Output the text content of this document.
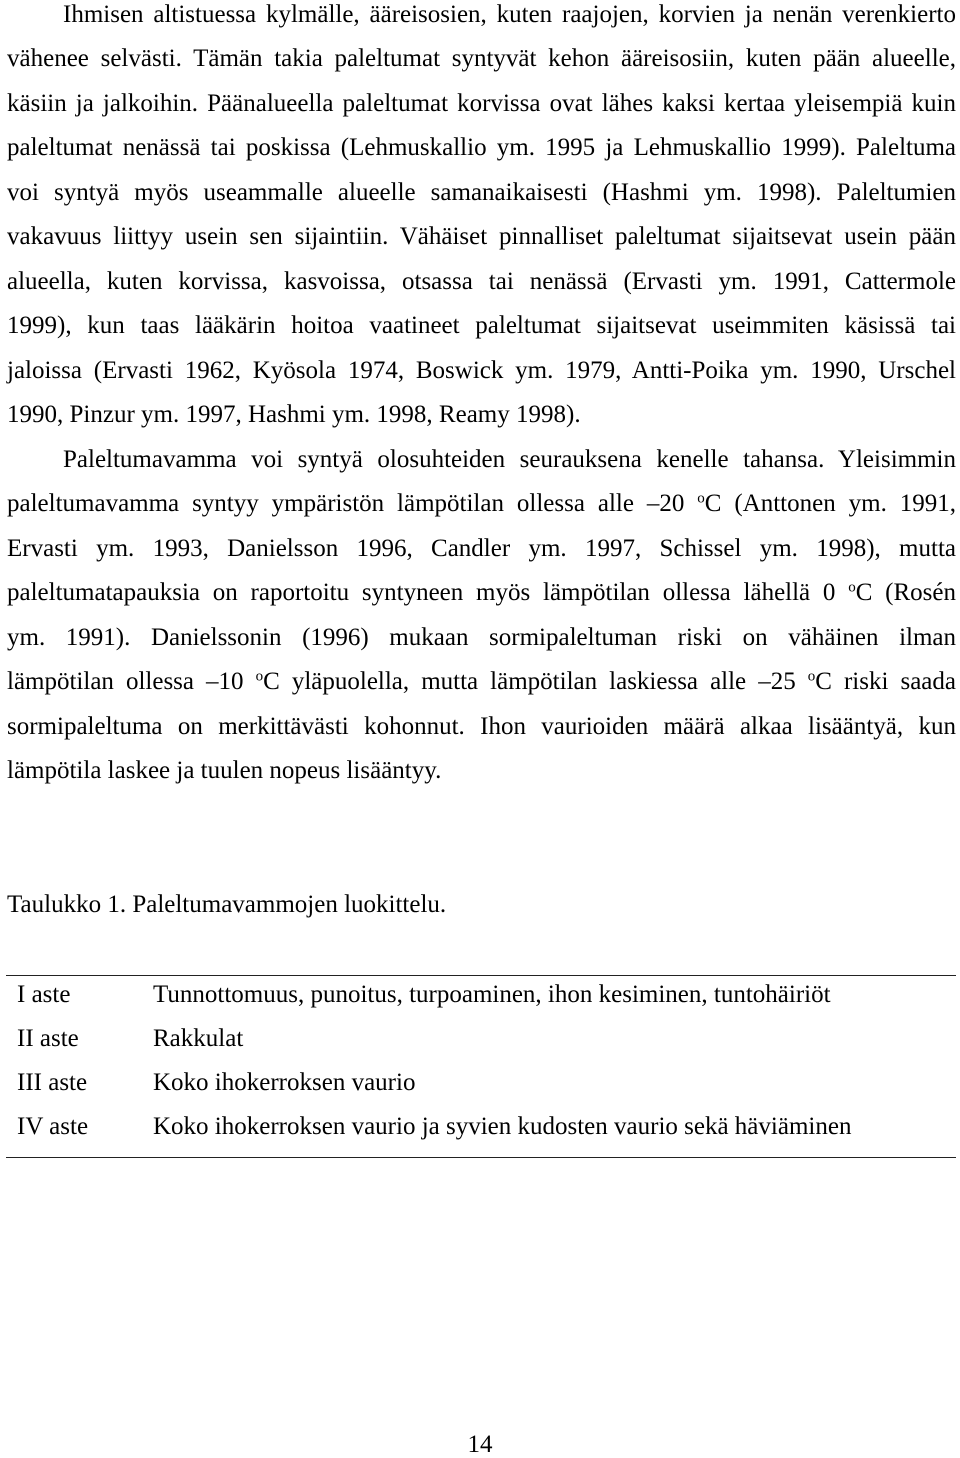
Ihmisen altistuessa kylmälle, ääreisosien, kuten raajojen, korvien ja nenän verenkierto
vähenee selvästi. Tämän takia paleltumat syntyvät kehon ääreisosiin, kuten pään alueelle,
käsiin ja jalkoihin. Päänalueella paleltumat korvissa ovat lähes kaksi kertaa yleisempiä kuin
paleltumat nenässä tai poskissa (Lehmuskallio ym. 1995 ja Lehmuskallio 1999). Paleltuma
voi syntyä myös useammalle alueelle samanaikaisesti (Hashmi ym. 1998). Paleltumien
vakavuus liittyy usein sen sijaintiin. Vähäiset pinnalliset paleltumat sijaitsevat usein pään
alueella, kuten korvissa, kasvoissa, otsassa tai nenässä (Ervasti ym. 1991, Cattermole
1999), kun taas lääkärin hoitoa vaatineet paleltumat sijaitsevat useimmiten käsissä tai
jaloissa (Ervasti 1962, Kyösola 1974, Boswick ym. 1979, Antti-Poika ym. 1990, Urschel
1990, Pinzur ym. 1997, Hashmi ym. 1998, Reamy 1998).
Paleltumavamma voi syntyä olosuhteiden seurauksena kenelle tahansa. Yleisimmin
paleltumavamma syntyy ympäristön lämpötilan ollessa alle –20 $^o$C (Anttonen ym. 1991,
Ervasti ym. 1993, Danielsson 1996, Candler ym. 1997, Schissel ym. 1998), mutta
paleltumatapauksia on raportoitu syntyneen myös lämpötilan ollessa lähellä 0 $^o$C (Rosén
ym. 1991). Danielssonin (1996) mukaan sormipaleltuman riski on vähäinen ilman
lämpötilan ollessa –10 $^o$C yläpuolella, mutta lämpötilan laskiessa alle –25 $^o$C riski saada
sormipaleltuma on merkittävästi kohonnut. Ihon vaurioiden määrä alkaa lisääntyä, kun
lämpötila laskee ja tuulen nopeus lisääntyy.
Taulukko 1. Paleltumavammojen luokittelu.
I aste	Tunnottomuus, punoitus, turpoaminen, ihon kesiminen, tuntohäiriöt
II aste	Rakkulat
III aste	Koko ihokerroksen vaurio
IV aste	Koko ihokerroksen vaurio ja syvien kudosten vaurio sekä häviäminen
14
